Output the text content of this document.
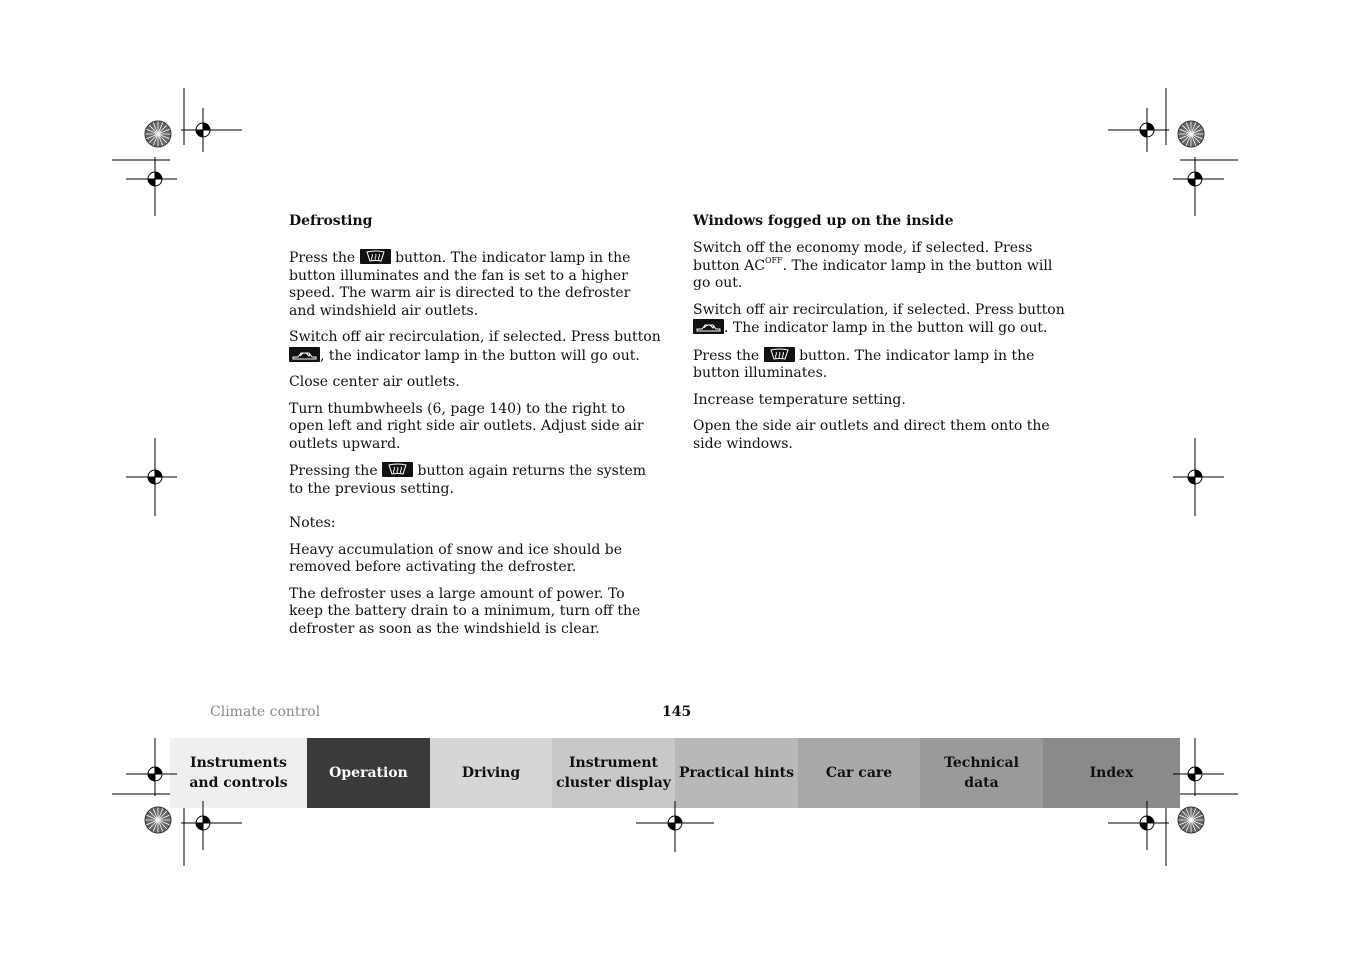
Defrosting

Press the	button. The indicator lamp in the button illuminates and the fan is set to a higher speed. The warm air is directed to the defroster and windshield air outlets.

Switch off air recirculation, if selected. Press button
, the indicator lamp in the button will go out.

Close center air outlets.

Turn thumbwheels (6, page 140) to the right to open left and right side air outlets. Adjust side air outlets upward.

Pressing the	button again returns the system to the previous setting.

Notes:

Heavy accumulation of snow and ice should be removed before activating the defroster.

The defroster uses a large amount of power. To keep the battery drain to a minimum, turn off the defroster as soon as the windshield is clear.

Windows fogged up on the inside

Switch off the economy mode, if selected. Press button $AC^{OFF}$. The indicator lamp in the button will go out.

Switch off air recirculation, if selected. Press button
. The indicator lamp in the button will go out.

Press the	button. The indicator lamp in the button illuminates.

Increase temperature setting.

Open the side air outlets and direct them onto the side windows.

Climate control	145
Instruments
and controls
Operation	Driving
Instrument
cluster display
Practical hints Car care
Technical
data
Index
